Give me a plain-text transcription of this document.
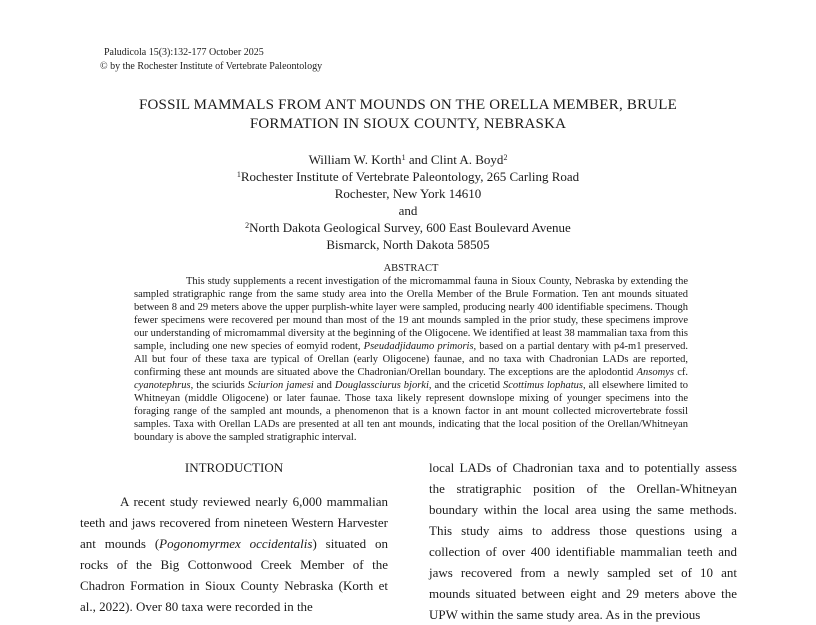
Paludicola 15(3):132-177 October 2025
© by the Rochester Institute of Vertebrate Paleontology
FOSSIL MAMMALS FROM ANT MOUNDS ON THE ORELLA MEMBER, BRULE FORMATION IN SIOUX COUNTY, NEBRASKA
William W. Korth$^1$ and Clint A. Boyd$^2$
$^1$Rochester Institute of Vertebrate Paleontology, 265 Carling Road
Rochester, New York 14610
and
$^2$North Dakota Geological Survey, 600 East Boulevard Avenue
Bismarck, North Dakota 58505
ABSTRACT

This study supplements a recent investigation of the micromammal fauna in Sioux County, Nebraska by extending the sampled stratigraphic range from the same study area into the Orella Member of the Brule Formation. Ten ant mounds situated between 8 and 29 meters above the upper purplish-white layer were sampled, producing nearly 400 identifiable specimens. Though fewer specimens were recovered per mound than most of the 19 ant mounds sampled in the prior study, these specimens improve our understanding of micromammal diversity at the beginning of the Oligocene. We identified at least 38 mammalian taxa from this sample, including one new species of eomyid rodent, Pseudadjidaumo primoris, based on a partial dentary with p4-m1 preserved. All but four of these taxa are typical of Orellan (early Oligocene) faunae, and no taxa with Chadronian LADs are reported, confirming these ant mounds are situated above the Chadronian/Orellan boundary. The exceptions are the aplodontid Ansomys cf. cyanotephrus, the sciurids Sciurion jamesi and Douglassciurus bjorki, and the cricetid Scottimus lophatus, all elsewhere limited to Whitneyan (middle Oligocene) or later faunae. Those taxa likely represent downslope mixing of younger specimens into the foraging range of the sampled ant mounds, a phenomenon that is a known factor in ant mount collected microvertebrate fossil samples. Taxa with Orellan LADs are presented at all ten ant mounds, indicating that the local position of the Orellan/Whitneyan boundary is above the sampled stratigraphic interval.

INTRODUCTION

A recent study reviewed nearly 6,000 mammalian teeth and jaws recovered from nineteen Western Harvester ant mounds (Pogonomyrmex occidentalis) situated on rocks of the Big Cottonwood Creek Member of the Chadron Formation in Sioux County Nebraska (Korth et al., 2022). Over 80 taxa were recorded in the

local LADs of Chadronian taxa and to potentially assess the stratigraphic position of the Orellan-Whitneyan boundary within the local area using the same methods. This study aims to address those questions using a collection of over 400 identifiable mammalian teeth and jaws recovered from a newly sampled set of 10 ant mounds situated between eight and 29 meters above the UPW within the same study area. As in the previous
